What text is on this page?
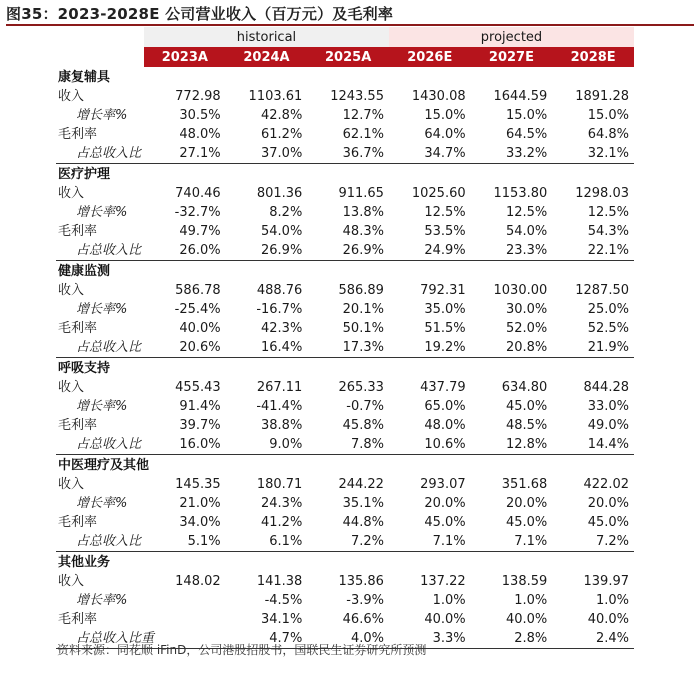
图35：2023-2028E 公司营业收入（百万元）及毛利率
	historical			projected		
	2023A	2024A	2025A	2026E	2027E	2028E
康复辅具						
收入	772.98	1103.61	1243.55	1430.08	1644.59	1891.28
增长率%	30.5%	42.8%	12.7%	15.0%	15.0%	15.0%
毛利率	48.0%	61.2%	62.1%	64.0%	64.5%	64.8%
占总收入比	27.1%	37.0%	36.7%	34.7%	33.2%	32.1%
医疗护理						
收入	740.46	801.36	911.65	1025.60	1153.80	1298.03
增长率%	-32.7%	8.2%	13.8%	12.5%	12.5%	12.5%
毛利率	49.7%	54.0%	48.3%	53.5%	54.0%	54.3%
占总收入比	26.0%	26.9%	26.9%	24.9%	23.3%	22.1%
健康监测						
收入	586.78	488.76	586.89	792.31	1030.00	1287.50
增长率%	-25.4%	-16.7%	20.1%	35.0%	30.0%	25.0%
毛利率	40.0%	42.3%	50.1%	51.5%	52.0%	52.5%
占总收入比	20.6%	16.4%	17.3%	19.2%	20.8%	21.9%
呼吸支持						
收入	455.43	267.11	265.33	437.79	634.80	844.28
增长率%	91.4%	-41.4%	-0.7%	65.0%	45.0%	33.0%
毛利率	39.7%	38.8%	45.8%	48.0%	48.5%	49.0%
占总收入比	16.0%	9.0%	7.8%	10.6%	12.8%	14.4%
中医理疗及其他						
收入	145.35	180.71	244.22	293.07	351.68	422.02
增长率%	21.0%	24.3%	35.1%	20.0%	20.0%	20.0%
毛利率	34.0%	41.2%	44.8%	45.0%	45.0%	45.0%
占总收入比	5.1%	6.1%	7.2%	7.1%	7.1%	7.2%
其他业务						
收入	148.02	141.38	135.86	137.22	138.59	139.97
增长率%		-4.5%	-3.9%	1.0%	1.0%	1.0%
毛利率		34.1%	46.6%	40.0%	40.0%	40.0%
占总收入比重		4.7%	4.0%	3.3%	2.8%	2.4%
资料来源：同花顺 iFinD，公司港股招股书，国联民生证券研究所预测
